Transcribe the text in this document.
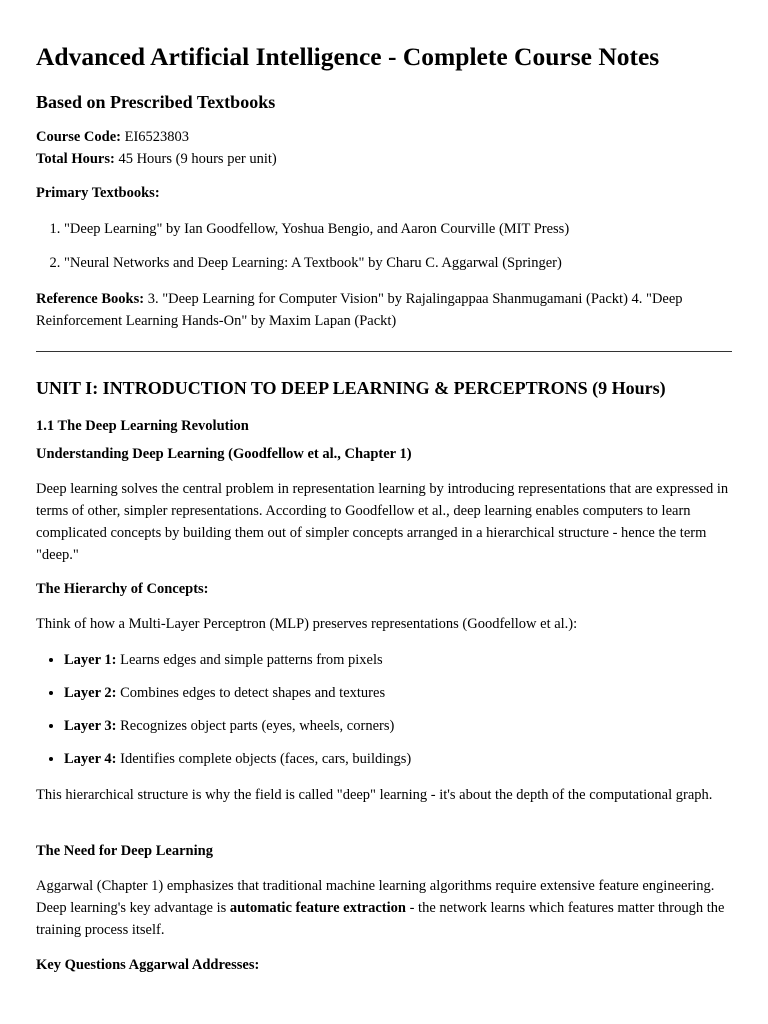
Advanced Artificial Intelligence - Complete Course Notes
Based on Prescribed Textbooks

Course Code: EI6523803

Total Hours: 45 Hours (9 hours per unit)

Primary Textbooks:

1. "Deep Learning" by Ian Goodfellow, Yoshua Bengio, and Aaron Courville (MIT Press)
2. "Neural Networks and Deep Learning: A Textbook" by Charu C. Aggarwal (Springer)

Reference Books: 3. "Deep Learning for Computer Vision" by Rajalingappaa Shanmugamani (Packt) 4. "Deep Reinforcement Learning Hands-On" by Maxim Lapan (Packt)

UNIT I: INTRODUCTION TO DEEP LEARNING & PERCEPTRONS (9 Hours)

1.1 The Deep Learning Revolution

Understanding Deep Learning (Goodfellow et al., Chapter 1)

Deep learning solves the central problem in representation learning by introducing representations that are expressed in terms of other, simpler representations. According to Goodfellow et al., deep learning enables computers to learn complicated concepts by building them out of simpler concepts arranged in a hierarchical structure - hence the term "deep."

The Hierarchy of Concepts:

Think of how a Multi-Layer Perceptron (MLP) preserves representations (Goodfellow et al.):

• Layer 1: Learns edges and simple patterns from pixels
• Layer 2: Combines edges to detect shapes and textures
• Layer 3: Recognizes object parts (eyes, wheels, corners)
• Layer 4: Identifies complete objects (faces, cars, buildings)

This hierarchical structure is why the field is called "deep" learning - it's about the depth of the computational graph.

The Need for Deep Learning

Aggarwal (Chapter 1) emphasizes that traditional machine learning algorithms require extensive feature engineering. Deep learning's key advantage is automatic feature extraction - the network learns which features matter through the training process itself.

Key Questions Aggarwal Addresses:
